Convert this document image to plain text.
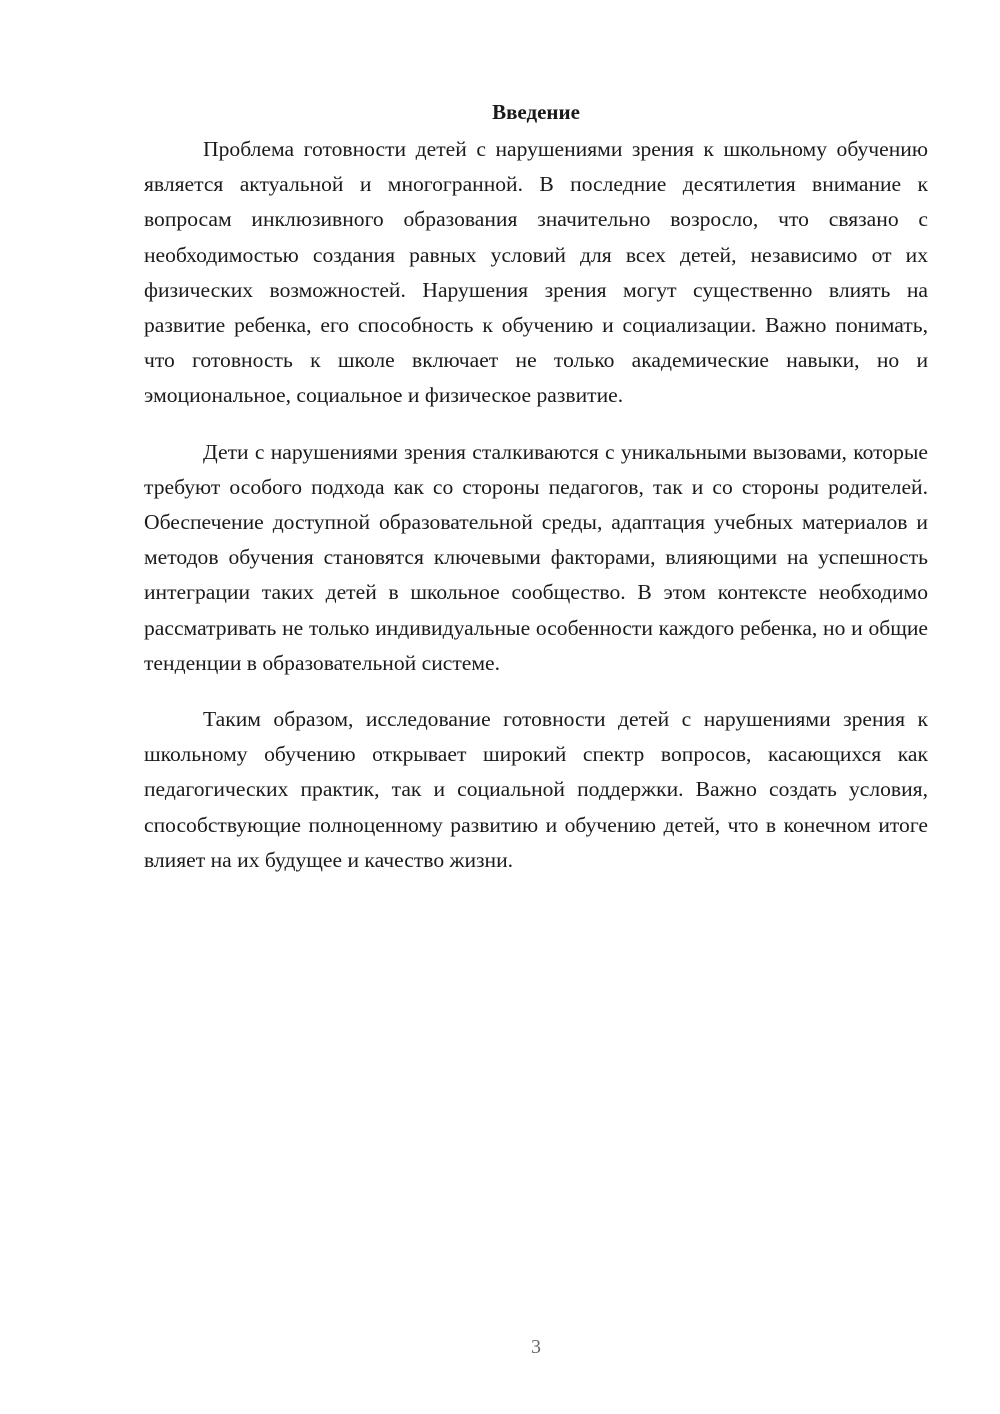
Введение

Проблема готовности детей с нарушениями зрения к школьному обучению является актуальной и многогранной. В последние десятилетия внимание к вопросам инклюзивного образования значительно возросло, что связано с необходимостью создания равных условий для всех детей, независимо от их физических возможностей. Нарушения зрения могут существенно влиять на развитие ребенка, его способность к обучению и социализации. Важно понимать, что готовность к школе включает не только академические навыки, но и эмоциональное, социальное и физическое развитие.

Дети с нарушениями зрения сталкиваются с уникальными вызовами, которые требуют особого подхода как со стороны педагогов, так и со стороны родителей. Обеспечение доступной образовательной среды, адаптация учебных материалов и методов обучения становятся ключевыми факторами, влияющими на успешность интеграции таких детей в школьное сообщество. В этом контексте необходимо рассматривать не только индивидуальные особенности каждого ребенка, но и общие тенденции в образовательной системе.

Таким образом, исследование готовности детей с нарушениями зрения к школьному обучению открывает широкий спектр вопросов, касающихся как педагогических практик, так и социальной поддержки. Важно создать условия, способствующие полноценному развитию и обучению детей, что в конечном итоге влияет на их будущее и качество жизни.

3
